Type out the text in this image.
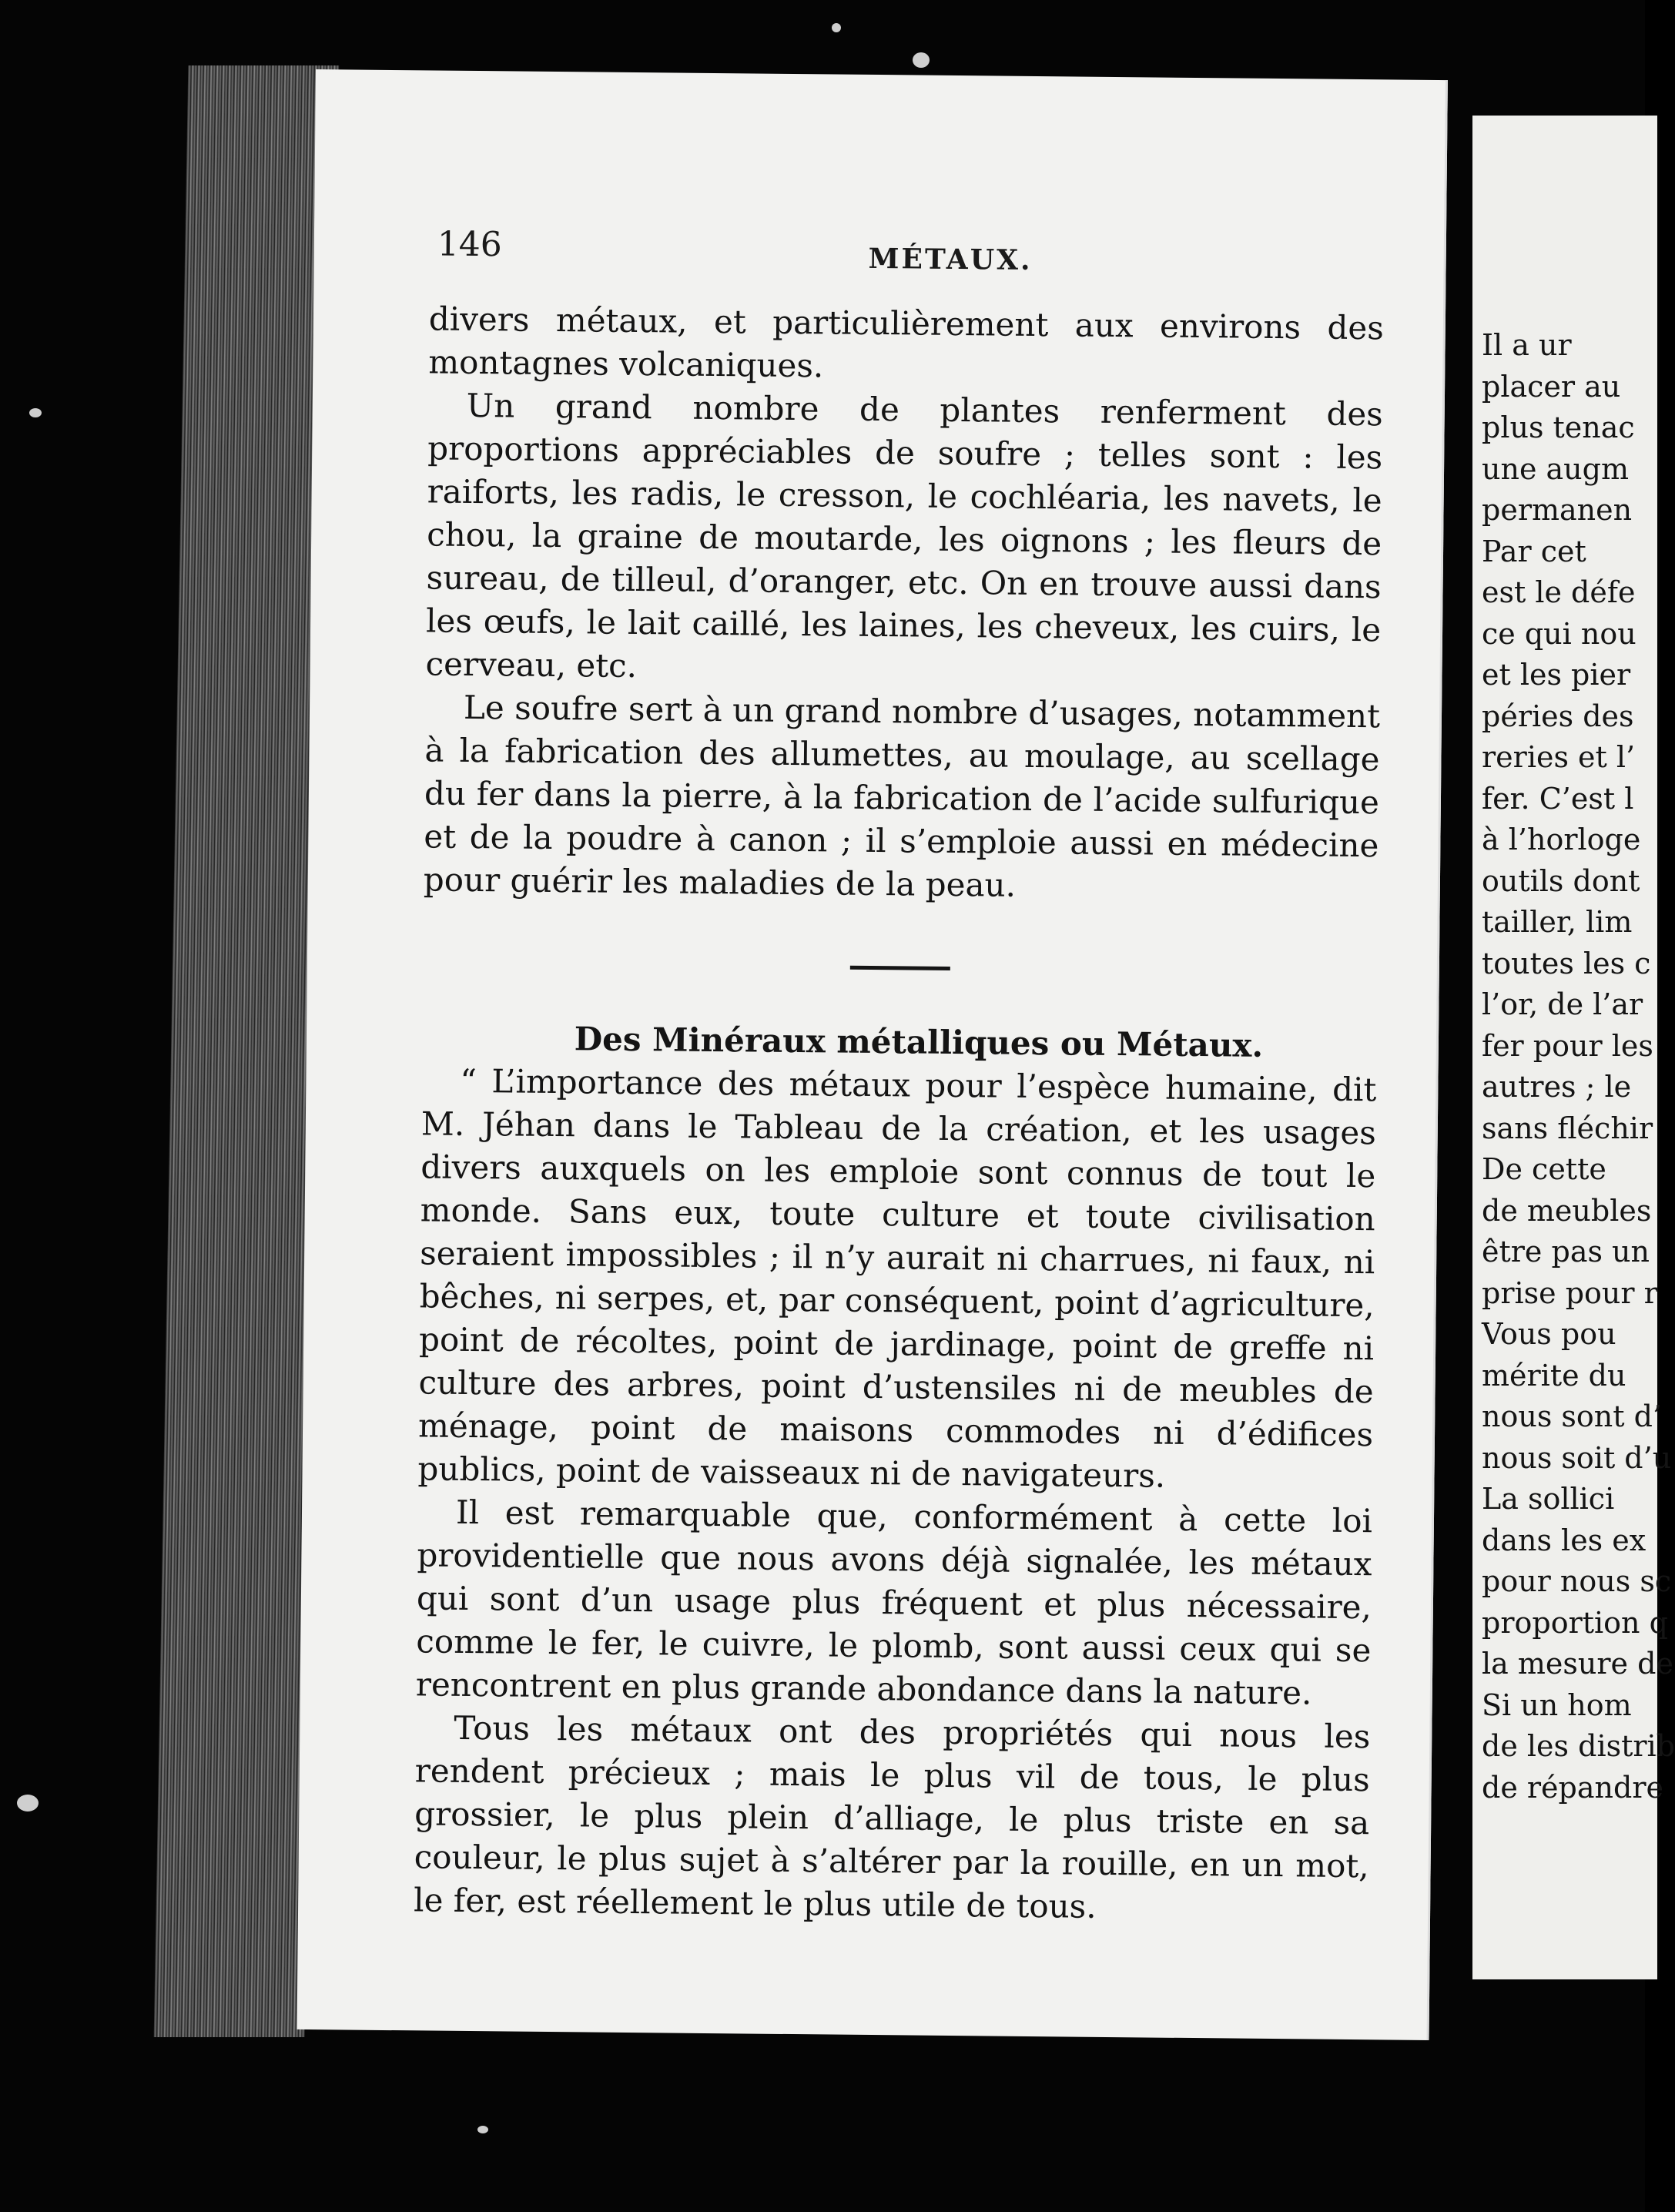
146	MÉTAUX.

divers métaux, et particulièrement aux environs des montagnes volcaniques.

Un grand nombre de plantes renferment des proportions appréciables de soufre ; telles sont : les raiforts, les radis, le cresson, le cochléaria, les navets, le chou, la graine de moutarde, les oignons ; les fleurs de sureau, de tilleul, d’oranger, etc. On en trouve aussi dans les œufs, le lait caillé, les laines, les cheveux, les cuirs, le cerveau, etc.

Le soufre sert à un grand nombre d’usages, notamment à la fabrication des allumettes, au moulage, au scellage du fer dans la pierre, à la fabrication de l’acide sulfurique et de la poudre à canon ; il s’emploie aussi en médecine pour guérir les maladies de la peau.

Des Minéraux métalliques ou Métaux.

“ L’importance des métaux pour l’espèce humaine, dit M. Jéhan dans le Tableau de la création, et les usages divers auxquels on les emploie sont connus de tout le monde. Sans eux, toute culture et toute civilisation seraient impossibles ; il n’y aurait ni charrues, ni faux, ni bêches, ni serpes, et, par conséquent, point d’agriculture, point de récoltes, point de jardinage, point de greffe ni culture des arbres, point d’ustensiles ni de meubles de ménage, point de maisons commodes ni d’édifices publics, point de vaisseaux ni de navigateurs.

Il est remarquable que, conformément à cette loi providentielle que nous avons déjà signalée, les métaux qui sont d’un usage plus fréquent et plus nécessaire, comme le fer, le cuivre, le plomb, sont aussi ceux qui se rencontrent en plus grande abondance dans la nature.

Tous les métaux ont des propriétés qui nous les rendent précieux ; mais le plus vil de tous, le plus grossier, le plus plein d’alliage, le plus triste en sa couleur, le plus sujet à s’altérer par la rouille, en un mot, le fer, est réellement le plus utile de tous.

Il a ur
placer au
plus tenac
une augm
permanen
Par cet
est le défe
ce qui nou
et les pier
péries des
reries et l’
fer. C’est l
à l’horloge
outils dont
tailler, lim
toutes les c
l’or, de l’ar
fer pour les
autres ; le
sans fléchir
De cette
de meubles
être pas un
prise pour r
Vous pou
mérite du
nous sont d’
nous soit d’u
La sollici
dans les ex
pour nous sc
proportion q
la mesure de
Si un hom
de les distrib
de répandre
